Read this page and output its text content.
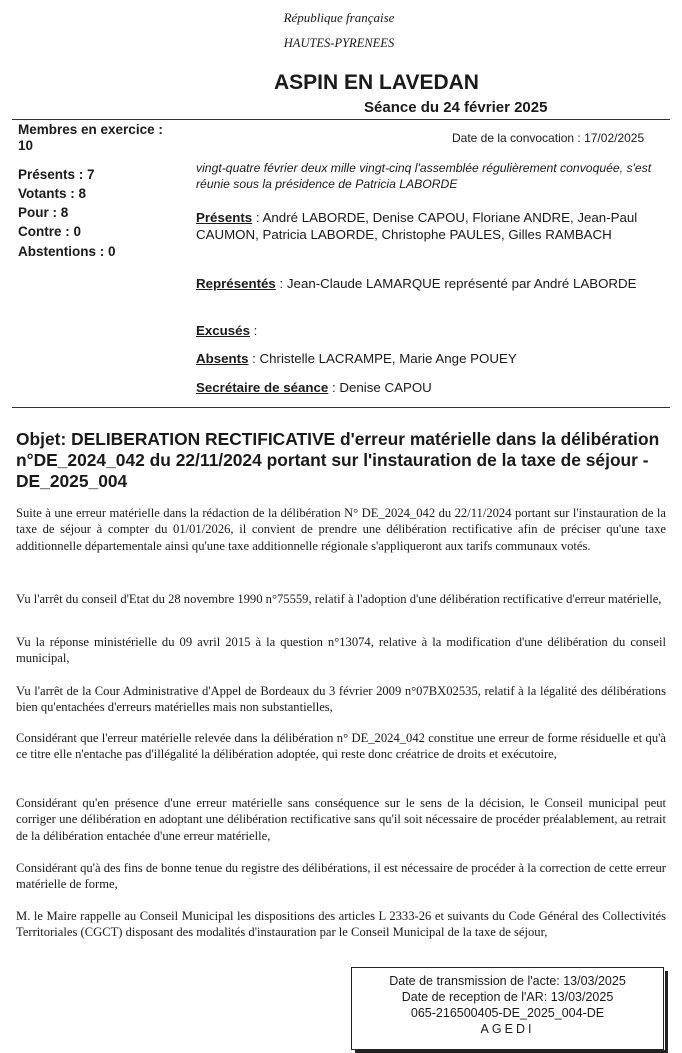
République française
HAUTES-PYRENEES
ASPIN EN LAVEDAN
Séance du 24 février 2025
Membres en exercice :
10
Présents : 7
Votants : 8
Pour : 8
Contre : 0
Abstentions : 0
Date de la convocation : 17/02/2025
vingt-quatre février deux mille vingt-cinq l'assemblée régulièrement convoquée, s'est réunie sous la présidence de Patricia LABORDE
Présents : André LABORDE, Denise CAPOU, Floriane ANDRE, Jean-Paul CAUMON, Patricia LABORDE, Christophe PAULES, Gilles RAMBACH
Représentés : Jean-Claude LAMARQUE représenté par André LABORDE
Excusés :
Absents : Christelle LACRAMPE, Marie Ange POUEY
Secrétaire de séance : Denise CAPOU
Objet: DELIBERATION RECTIFICATIVE d'erreur matérielle dans la délibération n°DE_2024_042 du 22/11/2024 portant sur l'instauration de la taxe de séjour - DE_2025_004
Suite à une erreur matérielle dans la rédaction de la délibération N° DE_2024_042 du 22/11/2024 portant sur l'instauration de la taxe de séjour à compter du 01/01/2026, il convient de prendre une délibération rectificative afin de préciser qu'une taxe additionnelle départementale ainsi qu'une taxe additionnelle régionale s'appliqueront aux tarifs communaux votés.
Vu l'arrêt du conseil d'Etat du 28 novembre 1990 n°75559, relatif à l'adoption d'une délibération rectificative d'erreur matérielle,
Vu la réponse ministérielle du 09 avril 2015 à la question n°13074, relative à la modification d'une délibération du conseil municipal,
Vu l'arrêt de la Cour Administrative d'Appel de Bordeaux du 3 février 2009 n°07BX02535, relatif à la légalité des délibérations bien qu'entachées d'erreurs matérielles mais non substantielles,
Considérant que l'erreur matérielle relevée dans la délibération n° DE_2024_042 constitue une erreur de forme résiduelle et qu'à ce titre elle n'entache pas d'illégalité la délibération adoptée, qui reste donc créatrice de droits et exécutoire,
Considérant qu'en présence d'une erreur matérielle sans conséquence sur le sens de la décision, le Conseil municipal peut corriger une délibération en adoptant une délibération rectificative sans qu'il soit nécessaire de procéder préalablement, au retrait de la délibération entachée d'une erreur matérielle,
Considérant qu'à des fins de bonne tenue du registre des délibérations, il est nécessaire de procéder à la correction de cette erreur matérielle de forme,
M. le Maire rappelle au Conseil Municipal les dispositions des articles L 2333-26 et suivants du Code Général des Collectivités Territoriales (CGCT) disposant des modalités d'instauration par le Conseil Municipal de la taxe de séjour,
Date de transmission de l'acte: 13/03/2025
Date de reception de l'AR: 13/03/2025
065-216500405-DE_2025_004-DE
AGEDI
